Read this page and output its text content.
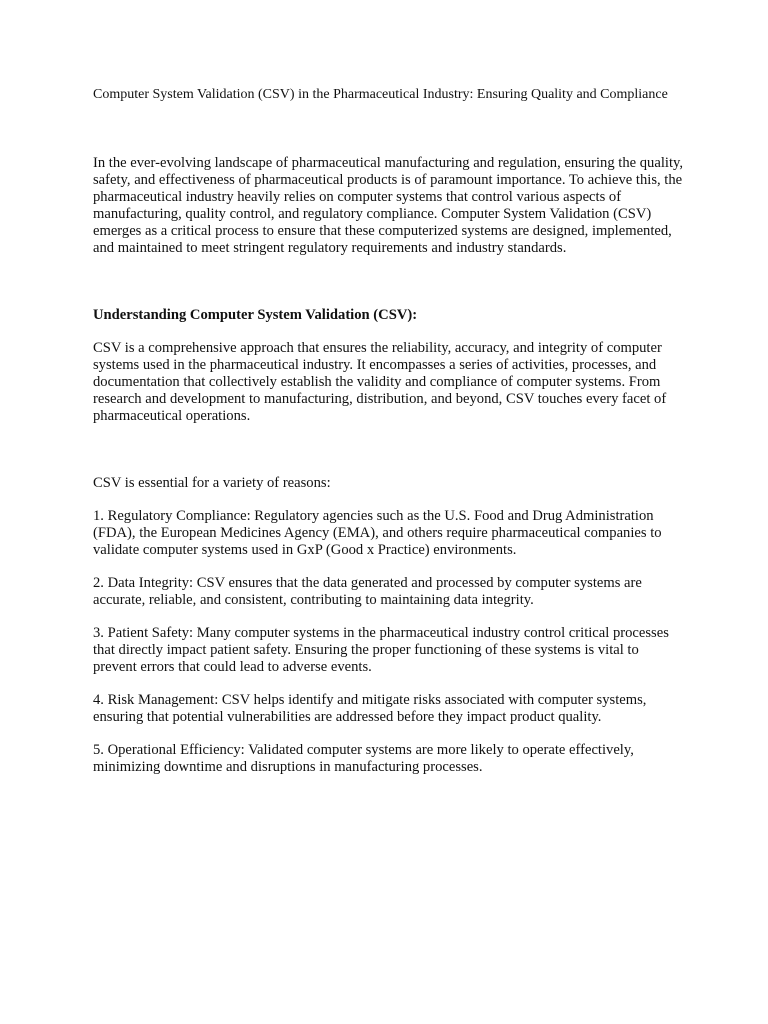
Computer System Validation (CSV) in the Pharmaceutical Industry: Ensuring Quality and Compliance

In the ever-evolving landscape of pharmaceutical manufacturing and regulation, ensuring the quality, safety, and effectiveness of pharmaceutical products is of paramount importance. To achieve this, the pharmaceutical industry heavily relies on computer systems that control various aspects of manufacturing, quality control, and regulatory compliance. Computer System Validation (CSV) emerges as a critical process to ensure that these computerized systems are designed, implemented, and maintained to meet stringent regulatory requirements and industry standards.

Understanding Computer System Validation (CSV):

CSV is a comprehensive approach that ensures the reliability, accuracy, and integrity of computer systems used in the pharmaceutical industry. It encompasses a series of activities, processes, and documentation that collectively establish the validity and compliance of computer systems. From research and development to manufacturing, distribution, and beyond, CSV touches every facet of pharmaceutical operations.

CSV is essential for a variety of reasons:

1. Regulatory Compliance: Regulatory agencies such as the U.S. Food and Drug Administration (FDA), the European Medicines Agency (EMA), and others require pharmaceutical companies to validate computer systems used in GxP (Good x Practice) environments.

2. Data Integrity: CSV ensures that the data generated and processed by computer systems are accurate, reliable, and consistent, contributing to maintaining data integrity.

3. Patient Safety: Many computer systems in the pharmaceutical industry control critical processes that directly impact patient safety. Ensuring the proper functioning of these systems is vital to prevent errors that could lead to adverse events.

4. Risk Management: CSV helps identify and mitigate risks associated with computer systems, ensuring that potential vulnerabilities are addressed before they impact product quality.

5. Operational Efficiency: Validated computer systems are more likely to operate effectively, minimizing downtime and disruptions in manufacturing processes.
